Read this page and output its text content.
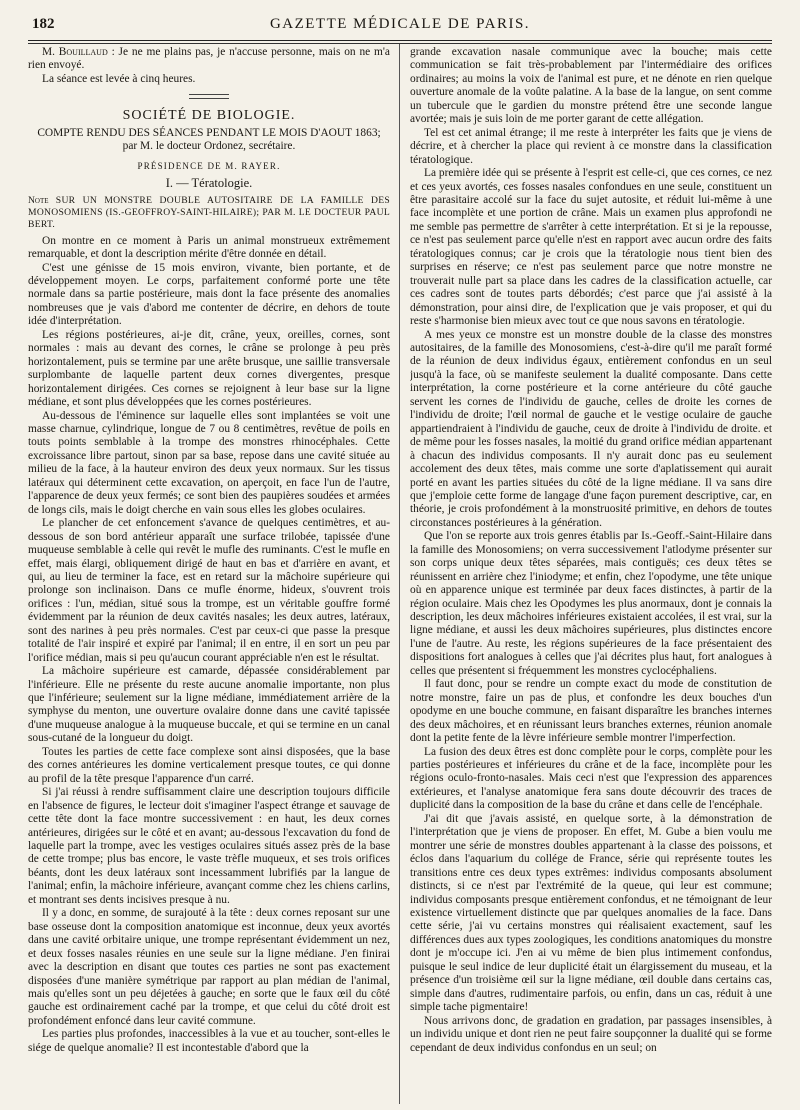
182	GAZETTE MÉDICALE DE PARIS.

M. Bouillaud : Je ne me plains pas, je n'accuse personne, mais on ne m'a rien envoyé.

La séance est levée à cinq heures.

SOCIÉTÉ DE BIOLOGIE.

COMPTE RENDU DES SÉANCES PENDANT LE MOIS D'AOUT 1863;

par M. le docteur Ordonez, secrétaire.

PRÉSIDENCE DE M. RAYER.

I. — Tératologie.

Note SUR UN MONSTRE DOUBLE AUTOSITAIRE DE LA FAMILLE DES MONOSOMIENS (IS.-GEOFFROY-SAINT-HILAIRE); PAR M. LE DOCTEUR PAUL BERT.

On montre en ce moment à Paris un animal monstrueux extrêmement remarquable, et dont la description mérite d'être donnée en détail.

C'est une génisse de 15 mois environ, vivante, bien portante, et de développement moyen. Le corps, parfaitement conformé porte une tête normale dans sa partie postérieure, mais dont la face présente des anomalies nombreuses que je vais d'abord me contenter de décrire, en dehors de toute idée d'interprétation.

Les régions postérieures, ai-je dit, crâne, yeux, oreilles, cornes, sont normales : mais au devant des cornes, le crâne se prolonge à peu près horizontalement, puis se termine par une arête brusque, une saillie transversale surplombante de laquelle partent deux cornes divergentes, presque horizontalement dirigées. Ces cornes se rejoignent à leur base sur la ligne médiane, et sont plus développées que les cornes postérieures.

Au-dessous de l'éminence sur laquelle elles sont implantées se voit une masse charnue, cylindrique, longue de 7 ou 8 centimètres, revêtue de poils en touts points semblable à la trompe des monstres rhinocéphales. Cette excroissance libre partout, sinon par sa base, repose dans une cavité située au milieu de la face, à la hauteur environ des deux yeux normaux. Sur les tissus latéraux qui déterminent cette excavation, on aperçoit, en face l'un de l'autre, l'apparence de deux yeux fermés; ce sont bien des paupières soudées et armées de longs cils, mais le doigt cherche en vain sous elles les globes oculaires.

Le plancher de cet enfoncement s'avance de quelques centimètres, et au-dessous de son bord antérieur apparaît une surface trilobée, tapissée d'une muqueuse semblable à celle qui revêt le mufle des ruminants. C'est le mufle en effet, mais élargi, obliquement dirigé de haut en bas et d'arrière en avant, et qui, au lieu de terminer la face, est en retard sur la mâchoire supérieure qui prolonge son inclinaison. Dans ce mufle énorme, hideux, s'ouvrent trois orifices : l'un, médian, situé sous la trompe, est un véritable gouffre formé évidemment par la réunion de deux cavités nasales; les deux autres, latéraux, sont des narines à peu près normales. C'est par ceux-ci que passe la presque totalité de l'air inspiré et expiré par l'animal; il en entre, il en sort un peu par l'orifice médian, mais si peu qu'aucun courant appréciable n'en est le résultat.

La mâchoire supérieure est camarde, dépassée considérablement par l'inférieure. Elle ne présente du reste aucune anomalie importante, non plus que l'inférieure; seulement sur la ligne médiane, immédiatement arrière de la symphyse du menton, une ouverture ovalaire donne dans une cavité tapissée d'une muqueuse analogue à la muqueuse buccale, et qui se termine en un canal sous-cutané de la longueur du doigt.

Toutes les parties de cette face complexe sont ainsi disposées, que la base des cornes antérieures les domine verticalement presque toutes, ce qui donne au profil de la tête presque l'apparence d'un carré.

Si j'ai réussi à rendre suffisamment claire une description toujours difficile en l'absence de figures, le lecteur doit s'imaginer l'aspect étrange et sauvage de cette tête dont la face montre successivement : en haut, les deux cornes antérieures, dirigées sur le côté et en avant; au-dessous l'excavation du fond de laquelle part la trompe, avec les vestiges oculaires situés assez près de la base de cette trompe; plus bas encore, le vaste trèfle muqueux, et ses trois orifices béants, dont les deux latéraux sont incessamment lubrifiés par la langue de l'animal; enfin, la mâchoire inférieure, avançant comme chez les chiens carlins, et montrant ses dents incisives presque à nu.

Il y a donc, en somme, de surajouté à la tête : deux cornes reposant sur une base osseuse dont la composition anatomique est inconnue, deux yeux avortés dans une cavité orbitaire unique, une trompe représentant évidemment un nez, et deux fosses nasales réunies en une seule sur la ligne médiane. J'en finirai avec la description en disant que toutes ces parties ne sont pas exactement disposées d'une manière symétrique par rapport au plan médian de l'animal, mais qu'elles sont un peu déjetées à gauche; en sorte que le faux œil du côté gauche est ordinairement caché par la trompe, et que celui du côté droit est profondément enfoncé dans leur cavité commune.

Les parties plus profondes, inaccessibles à la vue et au toucher, sont-elles le siége de quelque anomalie? Il est incontestable d'abord que la

grande excavation nasale communique avec la bouche; mais cette communication se fait très-probablement par l'intermédiaire des orifices ordinaires; au moins la voix de l'animal est pure, et ne dénote en rien quelque ouverture anomale de la voûte palatine. A la base de la langue, on sent comme un tubercule que le gardien du monstre prétend être une seconde langue avortée; mais je suis loin de me porter garant de cette allégation.

Tel est cet animal étrange; il me reste à interpréter les faits que je viens de décrire, et à chercher la place qui revient à ce monstre dans la classification tératologique.

La première idée qui se présente à l'esprit est celle-ci, que ces cornes, ce nez et ces yeux avortés, ces fosses nasales confondues en une seule, constituent un être parasitaire accolé sur la face du sujet autosite, et réduit lui-même à une face incomplète et une portion de crâne. Mais un examen plus approfondi ne me semble pas permettre de s'arrêter à cette interprétation. Et si je la repousse, ce n'est pas seulement parce qu'elle n'est en rapport avec aucun ordre des faits tératologiques connus; car je crois que la tératologie nous tient bien des surprises en réserve; ce n'est pas seulement parce que notre monstre ne trouverait nulle part sa place dans les cadres de la classification actuelle, car ces cadres sont de toutes parts débordés; c'est parce que j'ai assisté à la démonstration, pour ainsi dire, de l'explication que je vais proposer, et qui du reste s'harmonise bien mieux avec tout ce que nous savons en tératologie.

A mes yeux ce monstre est un monstre double de la classe des monstres autositaires, de la famille des Monosomiens, c'est-à-dire qu'il me paraît formé de la réunion de deux individus égaux, entièrement confondus en un seul jusqu'à la face, où se manifeste seulement la dualité composante. Dans cette interprétation, la corne postérieure et la corne antérieure du côté gauche servent les cornes de l'individu de gauche, celles de droite les cornes de l'individu de droite; l'œil normal de gauche et le vestige oculaire de gauche appartiendraient à l'individu de gauche, ceux de droite à l'individu de droite. et de même pour les fosses nasales, la moitié du grand orifice médian appartenant à chacun des individus composants. Il n'y aurait donc pas eu seulement accolement des deux têtes, mais comme une sorte d'aplatissement qui aurait porté en avant les parties situées du côté de la ligne médiane. Il va sans dire que j'emploie cette forme de langage d'une façon purement descriptive, car, en théorie, je crois profondément à la monstruosité primitive, en dehors de toutes circonstances postérieures à la génération.

Que l'on se reporte aux trois genres établis par Is.-Geoff.-Saint-Hilaire dans la famille des Monosomiens; on verra successivement l'atlodyme présenter sur son corps unique deux têtes séparées, mais contiguës; ces deux têtes se réunissent en arrière chez l'iniodyme; et enfin, chez l'opodyme, une tête unique où en apparence unique est terminée par deux faces distinctes, à partir de la région oculaire. Mais chez les Opodymes les plus anormaux, dont je connais la description, les deux mâchoires inférieures existaient accolées, il est vrai, sur la ligne médiane, et aussi les deux mâchoires supérieures, plus distinctes encore l'une de l'autre. Au reste, les régions supérieures de la face présentaient des dispositions fort analogues à celles que j'ai décrites plus haut, fort analogues à celles que présentent si fréquemment les monstres cyclocéphaliens.

Il faut donc, pour se rendre un compte exact du mode de constitution de notre monstre, faire un pas de plus, et confondre les deux bouches d'un opodyme en une bouche commune, en faisant disparaître les branches internes des deux mâchoires, et en réunissant leurs branches externes, réunion anomale dont la petite fente de la lèvre inférieure semble montrer l'imperfection.

La fusion des deux êtres est donc complète pour le corps, complète pour les parties postérieures et inférieures du crâne et de la face, incomplète pour les régions oculo-fronto-nasales. Mais ceci n'est que l'expression des apparences extérieures, et l'analyse anatomique fera sans doute découvrir des traces de duplicité dans la composition de la base du crâne et dans celle de l'encéphale.

J'ai dit que j'avais assisté, en quelque sorte, à la démonstration de l'interprétation que je viens de proposer. En effet, M. Gube a bien voulu me montrer une série de monstres doubles appartenant à la classe des poissons, et éclos dans l'aquarium du collége de France, série qui représente toutes les transitions entre ces deux types extrêmes: individus composants absolument distincts, si ce n'est par l'extrémité de la queue, qui leur est commune; individus composants presque entièrement confondus, et ne témoignant de leur existence virtuellement distincte que par quelques anomalies de la face. Dans cette série, j'ai vu certains monstres qui réalisaient exactement, sauf les différences dues aux types zoologiques, les conditions anatomiques du monstre dont je m'occupe ici. J'en ai vu même de bien plus intimement confondus, puisque le seul indice de leur duplicité était un élargissement du museau, et la présence d'un troisième œil sur la ligne médiane, œil double dans certains cas, simple dans d'autres, rudimentaire parfois, ou enfin, dans un cas, réduit à une simple tache pigmentaire!

Nous arrivons donc, de gradation en gradation, par passages insensibles, à un individu unique et dont rien ne peut faire soupçonner la dualité qui se forme cependant de deux individus confondus en un seul; on
